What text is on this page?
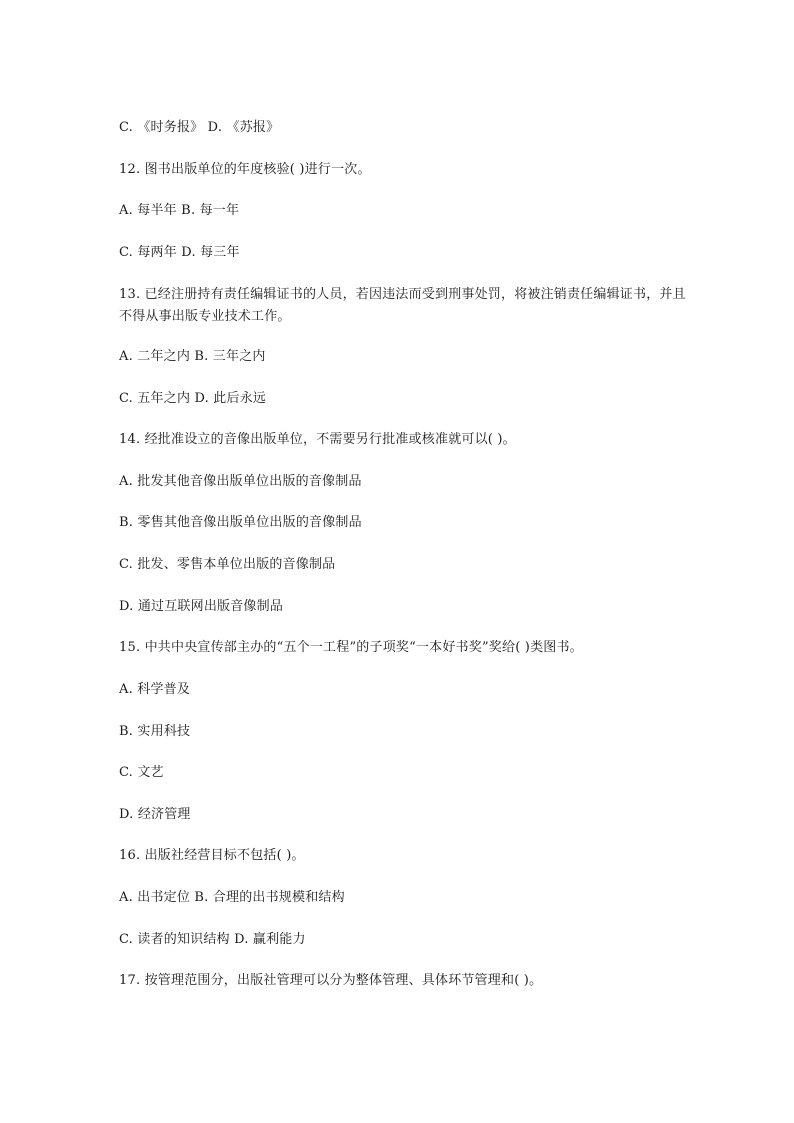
C. 《时务报》 D. 《苏报》
12. 图书出版单位的年度核验( )进行一次。
A. 每半年 B. 每一年
C. 每两年 D. 每三年
13. 已经注册持有责任编辑证书的人员，若因违法而受到刑事处罚，将被注销责任编辑证书，并且不得从事出版专业技术工作。
A. 二年之内 B. 三年之内
C. 五年之内 D. 此后永远
14. 经批准设立的音像出版单位，不需要另行批准或核准就可以( )。
A. 批发其他音像出版单位出版的音像制品
B. 零售其他音像出版单位出版的音像制品
C. 批发、零售本单位出版的音像制品
D. 通过互联网出版音像制品
15. 中共中央宣传部主办的“五个一工程”的子项奖“一本好书奖”奖给( )类图书。
A. 科学普及
B. 实用科技
C. 文艺
D. 经济管理
16. 出版社经营目标不包括( )。
A. 出书定位 B. 合理的出书规模和结构
C. 读者的知识结构 D. 赢利能力
17. 按管理范围分，出版社管理可以分为整体管理、具体环节管理和( )。
